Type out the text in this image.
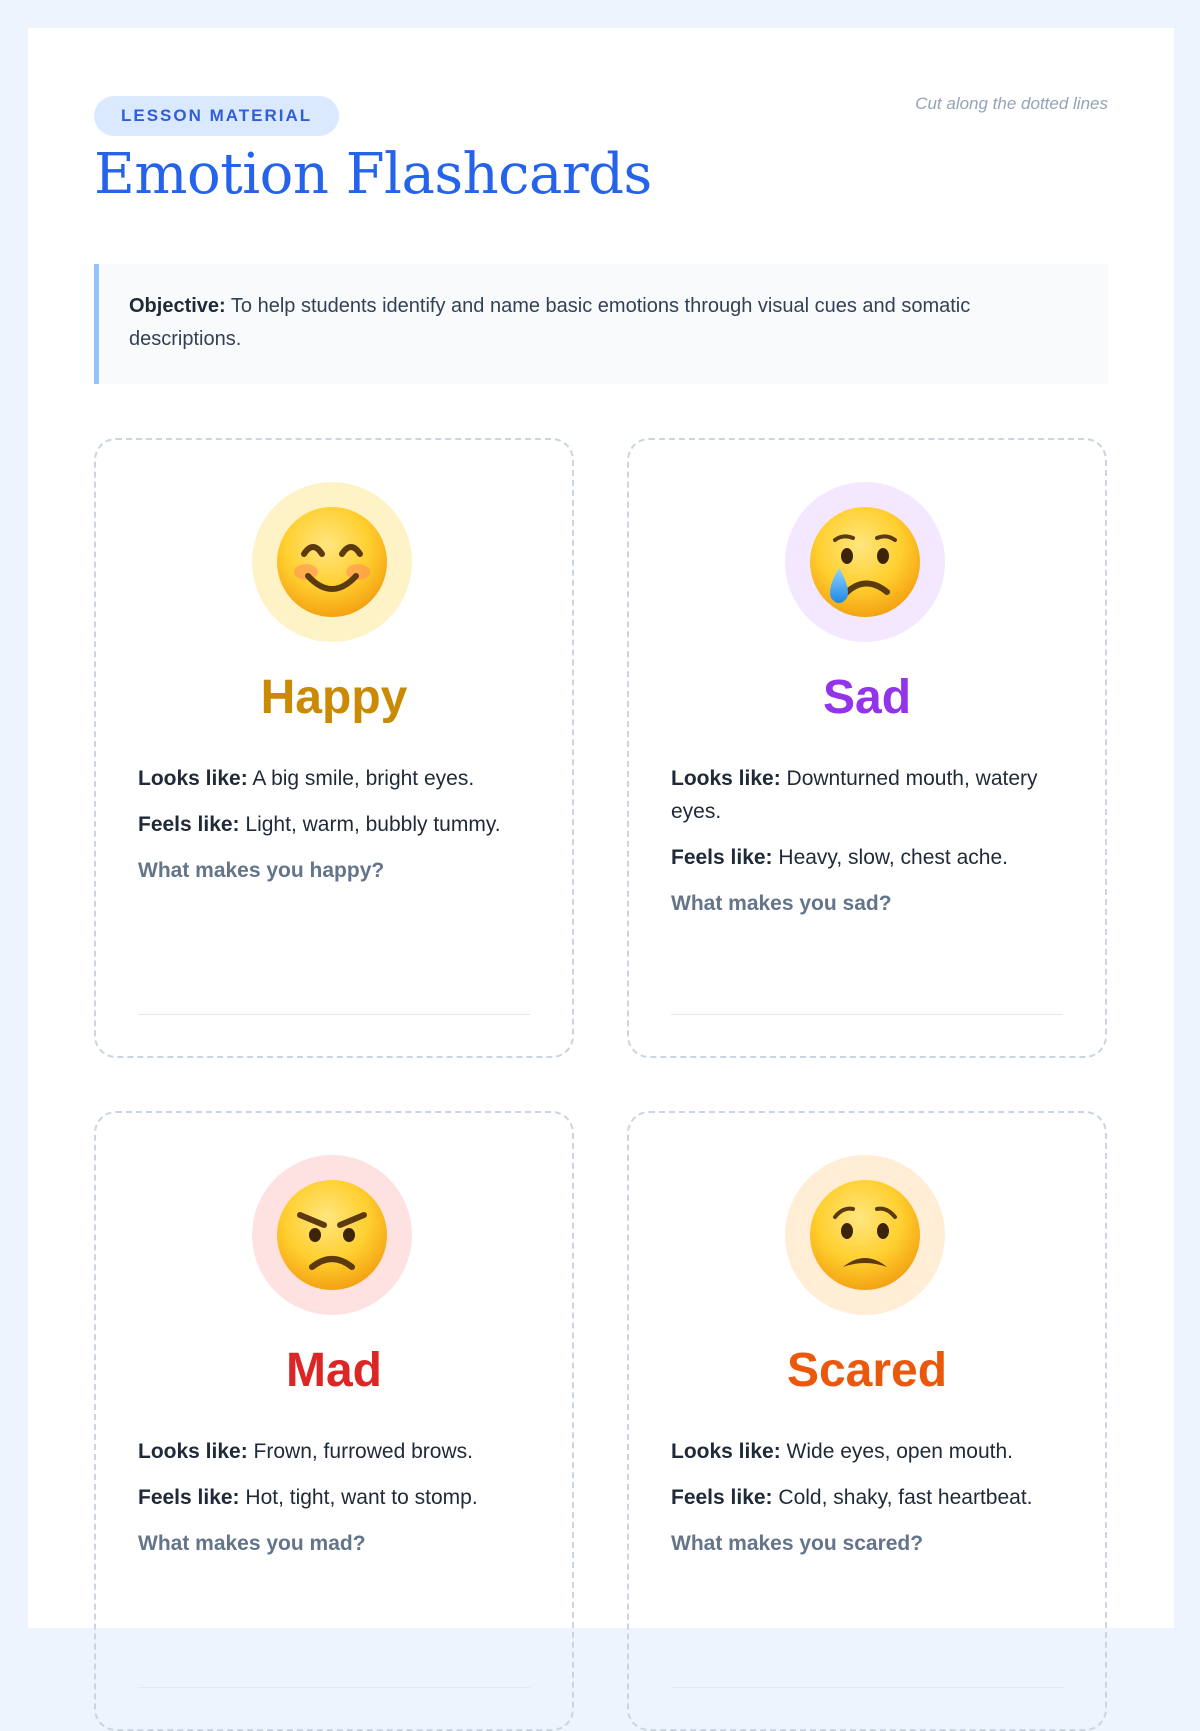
LESSON MATERIAL
Cut along the dotted lines
Emotion Flashcards
Objective: To help students identify and name basic emotions through visual cues and somatic descriptions.
Happy

Looks like: A big smile, bright eyes.

Feels like: Light, warm, bubbly tummy.

What makes you happy?

Sad

Looks like: Downturned mouth, watery eyes.

Feels like: Heavy, slow, chest ache.

What makes you sad?

Mad

Looks like: Frown, furrowed brows.

Feels like: Hot, tight, want to stomp.

What makes you mad?

Scared

Looks like: Wide eyes, open mouth.

Feels like: Cold, shaky, fast heartbeat.

What makes you scared?
